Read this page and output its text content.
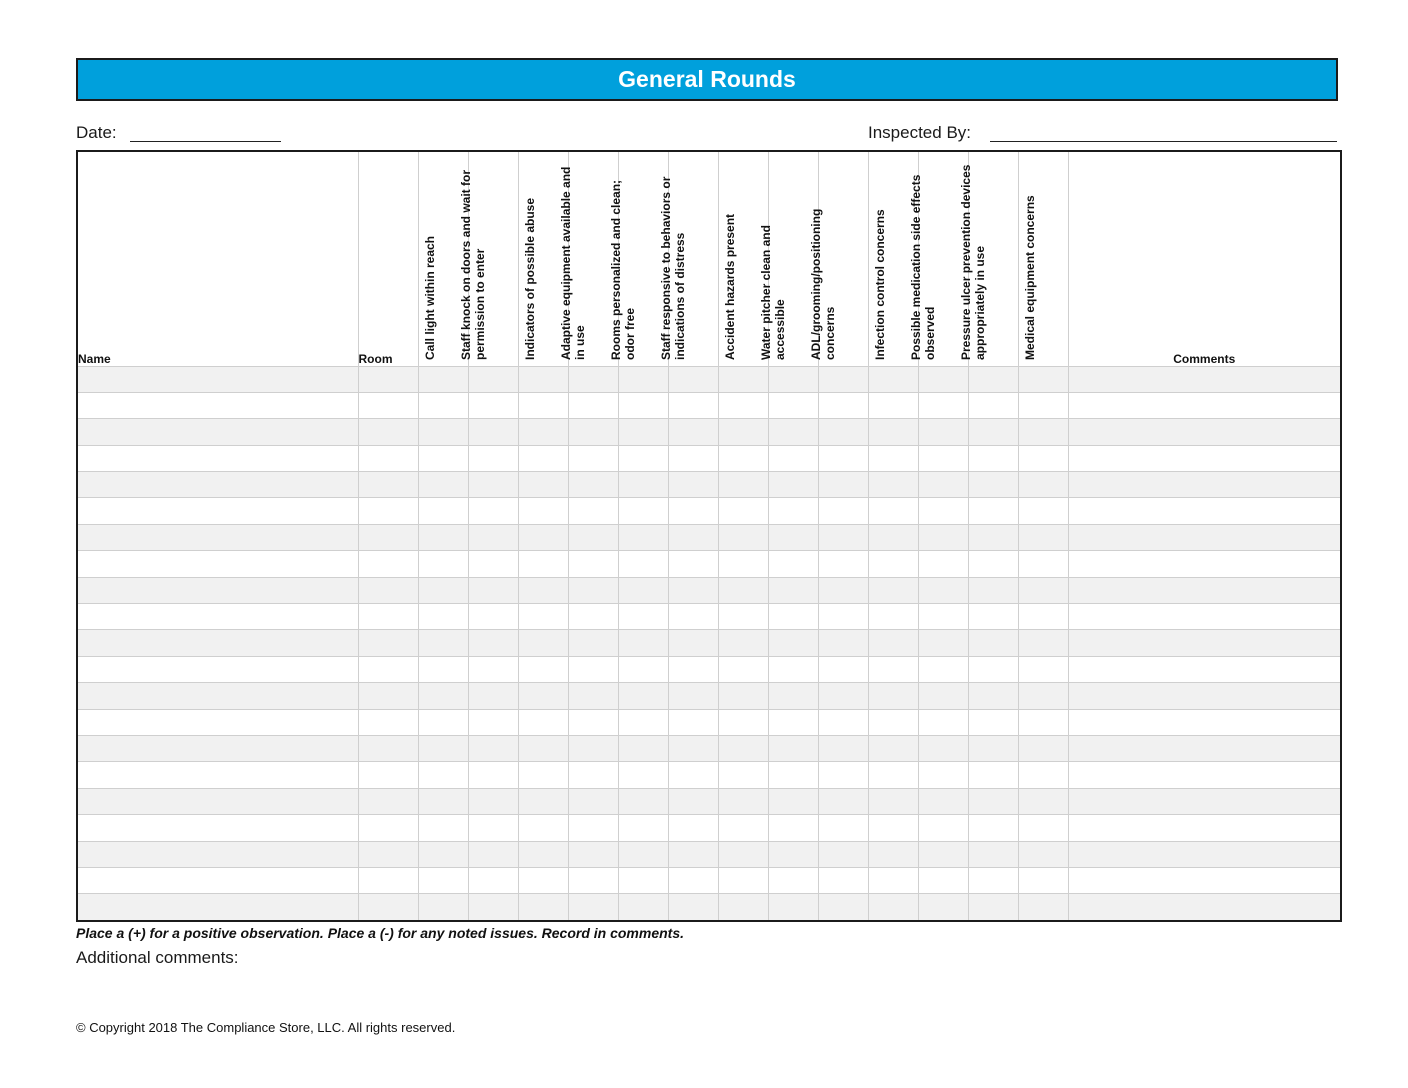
General Rounds
Date:	Inspected By:
Name	Room	Call light within reach	Staff knock on doors and wait for permission to enter	Indicators of possible abuse	Adaptive equipment available and in use	Rooms personalized and clean; odor free	Staff responsive to behaviors or indications of distress	Accident hazards present	Water pitcher clean and accessible	ADL/grooming/positioning concerns	Infection control concerns	Possible medication side effects observed	Pressure ulcer prevention devices appropriately in use	Medical equipment concerns	Comments

Place a (+) for a positive observation. Place a (-) for any noted issues. Record in comments.
Additional comments:
© Copyright 2018 The Compliance Store, LLC. All rights reserved.
